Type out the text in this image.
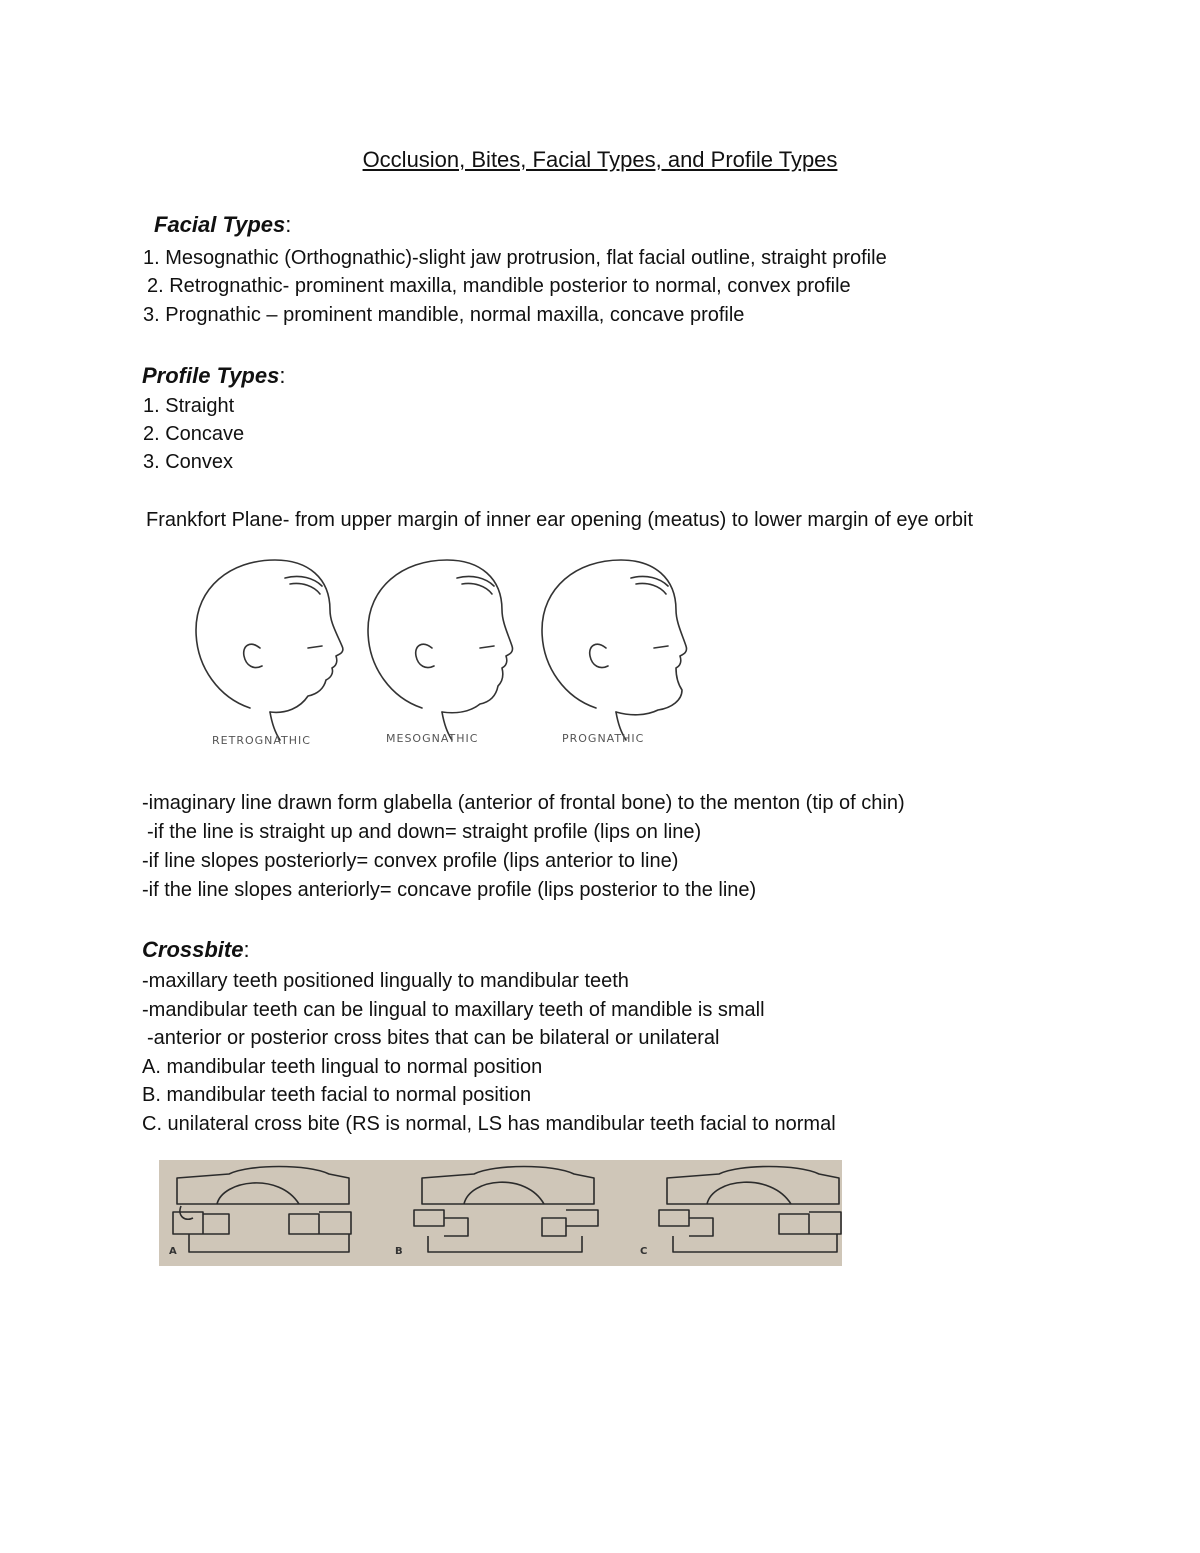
Occlusion, Bites, Facial Types, and Profile Types
Facial Types:
1. Mesognathic (Orthognathic)-slight jaw protrusion, flat facial outline, straight profile
2. Retrognathic- prominent maxilla, mandible posterior to normal, convex profile
3. Prognathic – prominent mandible, normal maxilla, concave profile
Profile Types:
1. Straight
2. Concave
3. Convex
Frankfort Plane- from upper margin of inner ear opening (meatus) to lower margin of eye orbit
RETROGNATHIC	MESOGNATHIC	PROGNATHIC
-imaginary line drawn form glabella (anterior of frontal bone) to the menton (tip of chin)
-if the line is straight up and down= straight profile (lips on line)
-if line slopes posteriorly= convex profile (lips anterior to line)
-if the line slopes anteriorly= concave profile (lips posterior to the line)
Crossbite:
-maxillary teeth positioned lingually to mandibular teeth
-mandibular teeth can be lingual to maxillary teeth of mandible is small
-anterior or posterior cross bites that can be bilateral or unilateral
A. mandibular teeth lingual to normal position
B. mandibular teeth facial to normal position
C. unilateral cross bite (RS is normal, LS has mandibular teeth facial to normal
A	B	C
